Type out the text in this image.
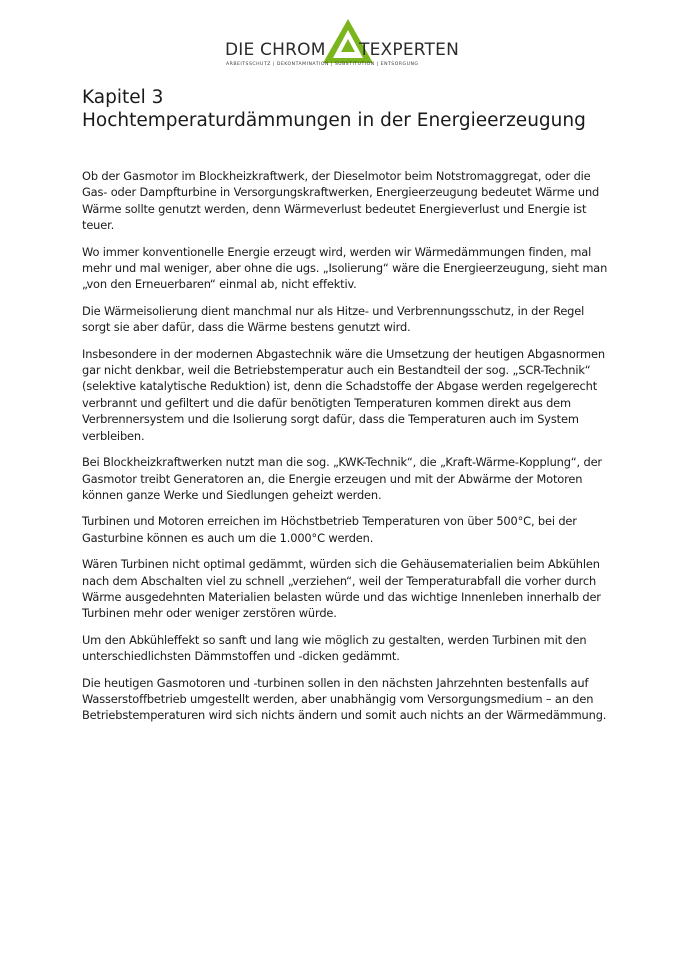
DIE CHROM TEXPERTEN
ARBEITSSCHUTZ | DEKONTAMINATION | SUBSTITUTION | ENTSORGUNG
Kapitel 3
Hochtemperaturdämmungen in der Energieerzeugung

Ob der Gasmotor im Blockheizkraftwerk, der Dieselmotor beim Notstromaggregat, oder die Gas- oder Dampfturbine in Versorgungskraftwerken, Energieerzeugung bedeutet Wärme und Wärme sollte genutzt werden, denn Wärmeverlust bedeutet Energieverlust und Energie ist teuer.

Wo immer konventionelle Energie erzeugt wird, werden wir Wärmedämmungen finden, mal mehr und mal weniger, aber ohne die ugs. „Isolierung“ wäre die Energieerzeugung, sieht man „von den Erneuerbaren“ einmal ab, nicht effektiv.

Die Wärmeisolierung dient manchmal nur als Hitze- und Verbrennungsschutz, in der Regel sorgt sie aber dafür, dass die Wärme bestens genutzt wird.

Insbesondere in der modernen Abgastechnik wäre die Umsetzung der heutigen Abgasnormen gar nicht denkbar, weil die Betriebstemperatur auch ein Bestandteil der sog. „SCR-Technik“ (selektive katalytische Reduktion) ist, denn die Schadstoffe der Abgase werden regelgerecht verbrannt und gefiltert und die dafür benötigten Temperaturen kommen direkt aus dem Verbrennersystem und die Isolierung sorgt dafür, dass die Temperaturen auch im System verbleiben.

Bei Blockheizkraftwerken nutzt man die sog. „KWK-Technik“, die „Kraft-Wärme-Kopplung“, der Gasmotor treibt Generatoren an, die Energie erzeugen und mit der Abwärme der Motoren können ganze Werke und Siedlungen geheizt werden.

Turbinen und Motoren erreichen im Höchstbetrieb Temperaturen von über 500°C, bei der Gasturbine können es auch um die 1.000°C werden.

Wären Turbinen nicht optimal gedämmt, würden sich die Gehäusematerialien beim Abkühlen nach dem Abschalten viel zu schnell „verziehen“, weil der Temperaturabfall die vorher durch Wärme ausgedehnten Materialien belasten würde und das wichtige Innenleben innerhalb der Turbinen mehr oder weniger zerstören würde.

Um den Abkühleffekt so sanft und lang wie möglich zu gestalten, werden Turbinen mit den unterschiedlichsten Dämmstoffen und -dicken gedämmt.

Die heutigen Gasmotoren und -turbinen sollen in den nächsten Jahrzehnten bestenfalls auf Wasserstoffbetrieb umgestellt werden, aber unabhängig vom Versorgungsmedium – an den Betriebstemperaturen wird sich nichts ändern und somit auch nichts an der Wärmedämmung.
